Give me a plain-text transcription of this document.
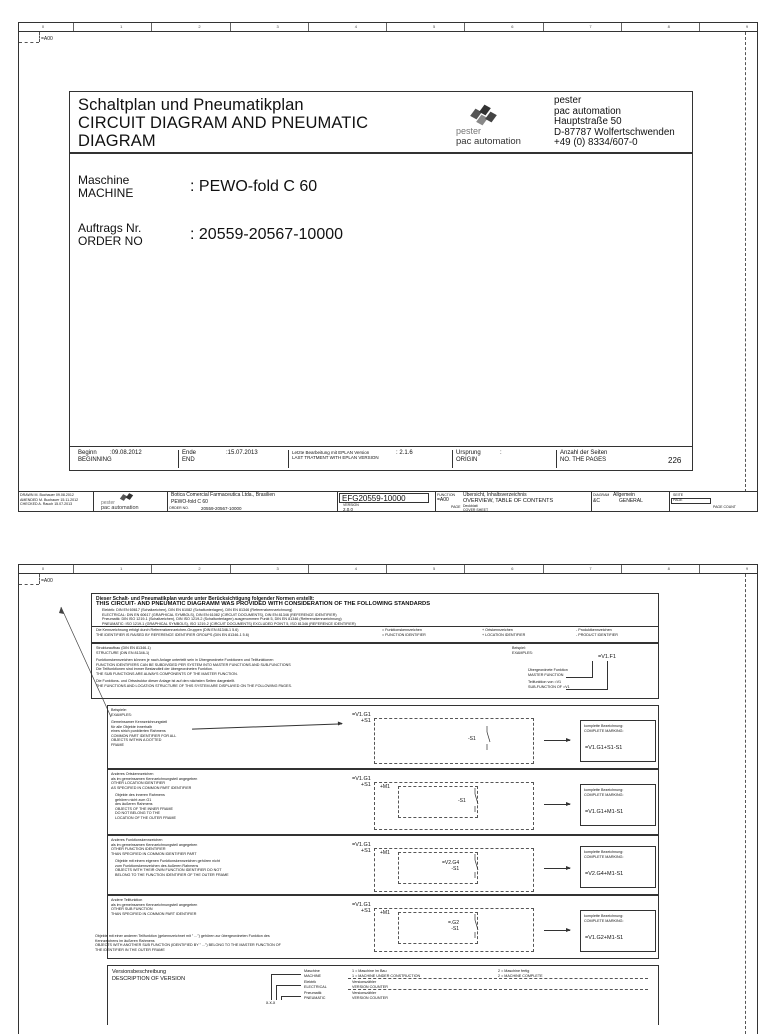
0	1	2	3	4	5	6	7	8	9
=A00
Schaltplan und Pneumatikplan
CIRCUIT DIAGRAM AND PNEUMATIC
DIAGRAM
pester
pac automation
pester
pac automation
Hauptstraße 50
D-87787 Wolfertschwenden
+49 (0) 8334/607-0
Maschine
MACHINE	: PEWO-fold C 60
Auftrags Nr.
ORDER NO	: 20559-20567-10000
Beginn
BEGINNING
:09.08.2012	Ende
END
:15.07.2013	Letzte Bearbeitung mit EPLAN Version
LAST TRATMENT WITH EPLAN VERSION
: 2.1.6	Ursprung
ORIGIN
:	Anzahl der Seiten
NO. THE PAGES	226
DRAWN M. Buchauer 09.08.2012
AMENDED M. Buchauer 15.11.2012
CHECKED A. Rauch 15.07.2013	pester
pac automation
Botica Comercial Farmaceutica Ltda., Brasilien
PEWO-fold C 60
ORDER NO.	20559-20567-10000
EFG20559-10000
VERSION
2.0.0
FUNCTION
=A00
Übersicht, Inhaltsverzeichnis
OVERVIEW, TABLE OF CONTENTS
PAGE Deckblatt
COVER SHEET
DIAGRAM
&C
Allgemein
GENERAL
SEITE
PAGE
PAGE COUNT
0	1	2	3	4	5	6	7	8	9
=A00
Dieser Schalt- und Pneumatikplan wurde unter Berücksichtigung folgender Normen erstellt:
THIS CIRCUIT- AND PNEUMATIC DIAGRAMM WAS PROVIDED WITH CONSIDERATION OF THE FOLLOWING STANDARDS
Elektrik: DIN EN 60617 (Schaltzeichen), DIN EN 61082 (Schaltunterlagen), DIN EN 81346 (Referenzkennzeichnung)
ELECTRICAL: DIN EN 60617 (GRAPHICAL SYMBOLS), DIN EN 61082 (CIRCUIT DOCUMENTS), DIN EN 81346 (REFERENCE IDENTIFIER)
Pneumatik: DIN ISO 1219-1 (Schaltzeichen), DIN ISO 1219-2 (Schaltunterlagen) ausgenommen Punkt 5, DIN EN 81346 (Referenzkennzeichnung)
PNEUMATIC: ISO 1219-1 (GRAPHICAL SYMBOLS), ISO 1219-2 (CIRCUIT DOCUMENTS) EXCLUDED POINT 5, ISO 81346 (REFERENCE IDENTIFIER)
Die Kennzeichnung erfolgt durch Referenzkennzeichen-Gruppen (DIN EN 81346-1 5.6)
THE IDENTIFIER IS RAISED BY REFERENCE IDENTIFIER GROUPS (DIN EN 81346-1 5.6)
= Funktionskennzeichen
= FUNCTION IDENTIFIER
+ Ortskennzeichen
+ LOCATION IDENTIFIER
- Produktkennzeichen
- PRODUCT IDENTIFIER
Strukturaufbau (DIN EN 81346-1)
STRUCTURE (DIN EN 81346-1)
Funktionskennzeichen können je nach Anlage unterteilt sein in Übergeordnete Funktionen und Teilfunktionen
FUNCTION IDENTIFIERS CAN BE SUBDIVIDED PER SYSTEM INTO MASTER FUNCTIONS AND SUB-FUNCTIONS
Die Teilfunktionen sind immer Bestandteil der übergeordneten Funktion.
THE SUB FUNCTIONS ARE ALWAYS COMPONENTS OF THE MASTER FUNCTION.
Die Funktions- und Ortsstruktur dieser Anlage ist auf den nächsten Seiten dargestellt.
THE FUNCTIONS AND LOCATION STRUCTURE OF THIS SYSTEM ARE DISPLAYED ON THE FOLLOWING PAGES.
Beispiel:
EXAMPLES:
=V1.F1
Übergeordnete Funktion
MASTER FUNCTION
Teilfunktion von =V1
SUB-FUNCTION OF =V1
Beispiele:
EXAMPLES:
Gemeinsamer Kennzeichnungsteil
für alle Objekte innerhalb
eines strich punktierten Rahmens
COMMON PART IDENTIFIER FOR ALL
OBJECTS WITHIN A DOTTED
FRAME
=V1.G1
+S1
-S1
komplette Bezeichnung:
COMPLETE MARKING:
=V1.G1+S1-S1
Anderes Ortskennzeichen
als im gemeinsamen Kennzeichnungsteil angegeben
OTHER LOCATION IDENTIFIER
AS SPECIFIED IN COMMON PART IDENTIFIER
Objekte des inneren Rahmens
gehören nicht zum G1
des äußeren Rahmens
OBJECTS OF THE INNER FRAME
DO NOT BELONG TO THE
LOCATION OF THE OUTER FRAME
=V1.G1
+S1 +M1
-S1
komplette Bezeichnung:
COMPLETE MARKING:
=V1.G1+M1-S1
Anderes Funktionskennzeichen
als im gemeinsamen Kennzeichnungsteil angegeben
OTHER FUNCTION IDENTIFIER
THAN SPECIFIED IN COMMON IDENTIFIER PART
Objekte mit einem eigenen Funktionskennzeichen gehören nicht
zum Funktionskennzeichen des äußeren Rahmens
OBJECTS WITH THEIR OWN FUNCTION IDENTIFIER DO NOT
BELONG TO THE FUNCTION IDENTIFIER OF THE OUTER FRAME
=V1.G1
+S1 +M1
=V2.G4
-S1
komplette Bezeichnung:
COMPLETE MARKING:
=V2.G4+M1-S1
Andere Teilfunktion
als im gemeinsamen Kennzeichnungsteil angegeben
OTHER SUB FUNCTION
THAN SPECIFIED IN COMMON PART IDENTIFIER
Objekte mit einer anderen Teilfunktion (gekennzeichnet mit " ...") gehören zur übergeordneten Funktion des
Kennzeichens im äußeren Rahmens
OBJECTS WITH ANOTHER SUB FUNCTION (IDENTIFIED BY " ...") BELONG TO THE MASTER FUNCTION OF
THE IDENTIFIER IN THE OUTER FRAME
=V1.G1
+S1 +M1
=.G2
-S1
komplette Bezeichnung:
COMPLETE MARKING:
=V1.G2+M1-S1
Versionsbeschreibung
DESCRIPTION OF VERSION
x.x.x
Maschine
MACHINE
1 = Maschine im Bau
1 = MACHINE UNDER CONSTRUCTION
2 = Maschine fertig
2 = MACHINE COMPLETE
Elektrik
ELECTRICAL
Versionszähler
VERSION COUNTER
Pneumatik
PNEUMATIC
Versionszähler
VERSION COUNTER
